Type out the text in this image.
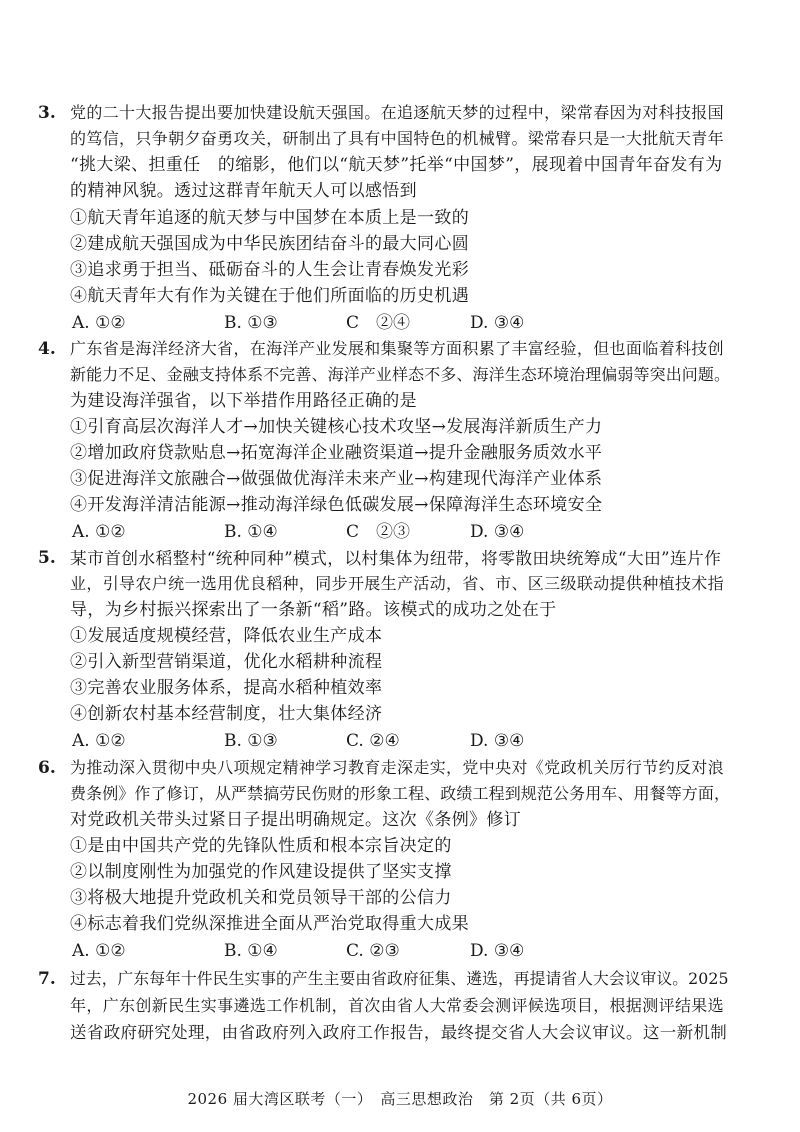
3. 党的二十大报告提出要加快建设航天强国。在追逐航天梦的过程中，梁常春因为对科技报国
的笃信，只争朝夕奋勇攻关，研制出了具有中国特色的机械臂。梁常春只是一大批航天青年
“挑大梁、担重任　的缩影，他们以“航天梦”托举“中国梦”，展现着中国青年奋发有为
的精神风貌。透过这群青年航天人可以感悟到
①航天青年追逐的航天梦与中国梦在本质上是一致的
②建成航天强国成为中华民族团结奋斗的最大同心圆
③追求勇于担当、砥砺奋斗的人生会让青春焕发光彩
④航天青年大有作为关键在于他们所面临的历史机遇
A. ①②	B. ①③	C　②④	D. ③④
4. 广东省是海洋经济大省，在海洋产业发展和集聚等方面积累了丰富经验，但也面临着科技创
新能力不足、金融支持体系不完善、海洋产业样态不多、海洋生态环境治理偏弱等突出问题。
为建设海洋强省，以下举措作用路径正确的是
①引育高层次海洋人才→加快关键核心技术攻坚→发展海洋新质生产力
②增加政府贷款贴息→拓宽海洋企业融资渠道→提升金融服务质效水平
③促进海洋文旅融合→做强做优海洋未来产业→构建现代海洋产业体系
④开发海洋清洁能源→推动海洋绿色低碳发展→保障海洋生态环境安全
A. ①②	B. ①④	C　②③	D. ③④
5. 某市首创水稻整村“统种同种”模式，以村集体为纽带，将零散田块统筹成“大田”连片作
业，引导农户统一选用优良稻种，同步开展生产活动，省、市、区三级联动提供种植技术指
导，为乡村振兴探索出了一条新“稻”路。该模式的成功之处在于
①发展适度规模经营，降低农业生产成本
②引入新型营销渠道，优化水稻耕种流程
③完善农业服务体系，提高水稻种植效率
④创新农村基本经营制度，壮大集体经济
A. ①②	B. ①③	C. ②④	D. ③④
6. 为推动深入贯彻中央八项规定精神学习教育走深走实，党中央对《党政机关厉行节约反对浪
费条例》作了修订，从严禁搞劳民伤财的形象工程、政绩工程到规范公务用车、用餐等方面，
对党政机关带头过紧日子提出明确规定。这次《条例》修订
①是由中国共产党的先锋队性质和根本宗旨决定的
②以制度刚性为加强党的作风建设提供了坚实支撑
③将极大地提升党政机关和党员领导干部的公信力
④标志着我们党纵深推进全面从严治党取得重大成果
A. ①②	B. ①④	C. ②③	D. ③④
7. 过去，广东每年十件民生实事的产生主要由省政府征集、遴选，再提请省人大会议审议。2025
年，广东创新民生实事遴选工作机制，首次由省人大常委会测评候选项目，根据测评结果选
送省政府研究处理，由省政府列入政府工作报告，最终提交省人大会议审议。这一新机制
2026 届大湾区联考（一）　高三思想政治　第 2页（共 6页）
